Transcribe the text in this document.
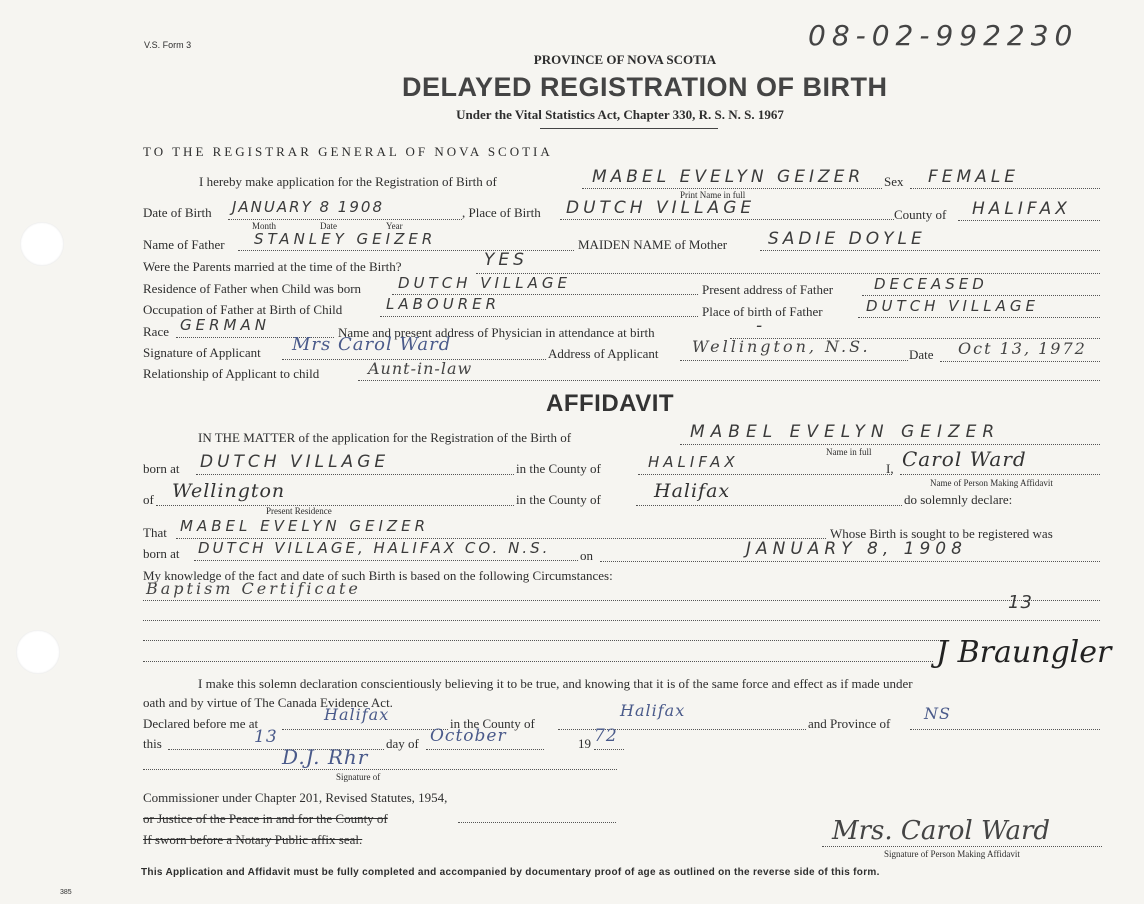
V.S. Form 3	08-02-992230
PROVINCE OF NOVA SCOTIA
DELAYED REGISTRATION OF BIRTH
Under the Vital Statistics Act, Chapter 330, R. S. N. S. 1967
TO THE REGISTRAR GENERAL OF NOVA SCOTIA
I hereby make application for the Registration of Birth of	MABEL EVELYN GEIZER
Print Name in full
Sex FEMALE
Date of Birth JANUARY 8 1908
Month	Date	Year
, Place of Birth DUTCH VILLAGE	County of HALIFAX
Name of Father STANLEY GEIZER	MAIDEN NAME of Mother SADIE DOYLE
Were the Parents married at the time of the Birth?	YES
Residence of Father when Child was born DUTCH VILLAGE	Present address of Father	DECEASED
Occupation of Father at Birth of Child	LABOURER	Place of birth of Father	DUTCH VILLAGE
Race GERMAN	Name and present address of Physician in attendance at birth	-
Signature of Applicant Mrs Carol Ward	Address of Applicant Wellington, N.S.	Date Oct 13, 1972
Relationship of Applicant to child	Aunt-in-law
AFFIDAVIT
IN THE MATTER of the application for the Registration of the Birth of	MABEL EVELYN GEIZER
Name in full
born at DUTCH VILLAGE	in the County of	HALIFAX	I, Carol Ward
Name of Person Making Affidavit
of Wellington
Present Residence
in the County of	Halifax	do solemnly declare:
That MABEL EVELYN GEIZER	Whose Birth is sought to be registered was
born at DUTCH VILLAGE, HALIFAX CO. N.S. on	JANUARY 8, 1908
My knowledge of the fact and date of such Birth is based on the following Circumstances:
Baptism Certificate
13
J Braungler
I make this solemn declaration conscientiously believing it to be true, and knowing that it is of the same force and effect as if made under
oath and by virtue of The Canada Evidence Act.
Declared before me at	Halifax	in the County of
Halifax
and Province of
NS
this	13	day of October	19 72
D.J. Rhr
Signature of
Commissioner under Chapter 201, Revised Statutes, 1954,
or Justice of the Peace in and for the County of
If sworn before a Notary Public affix seal.	Mrs. Carol Ward
Signature of Person Making Affidavit
This Application and Affidavit must be fully completed and accompanied by documentary proof of age as outlined on the reverse side of this form.
385
